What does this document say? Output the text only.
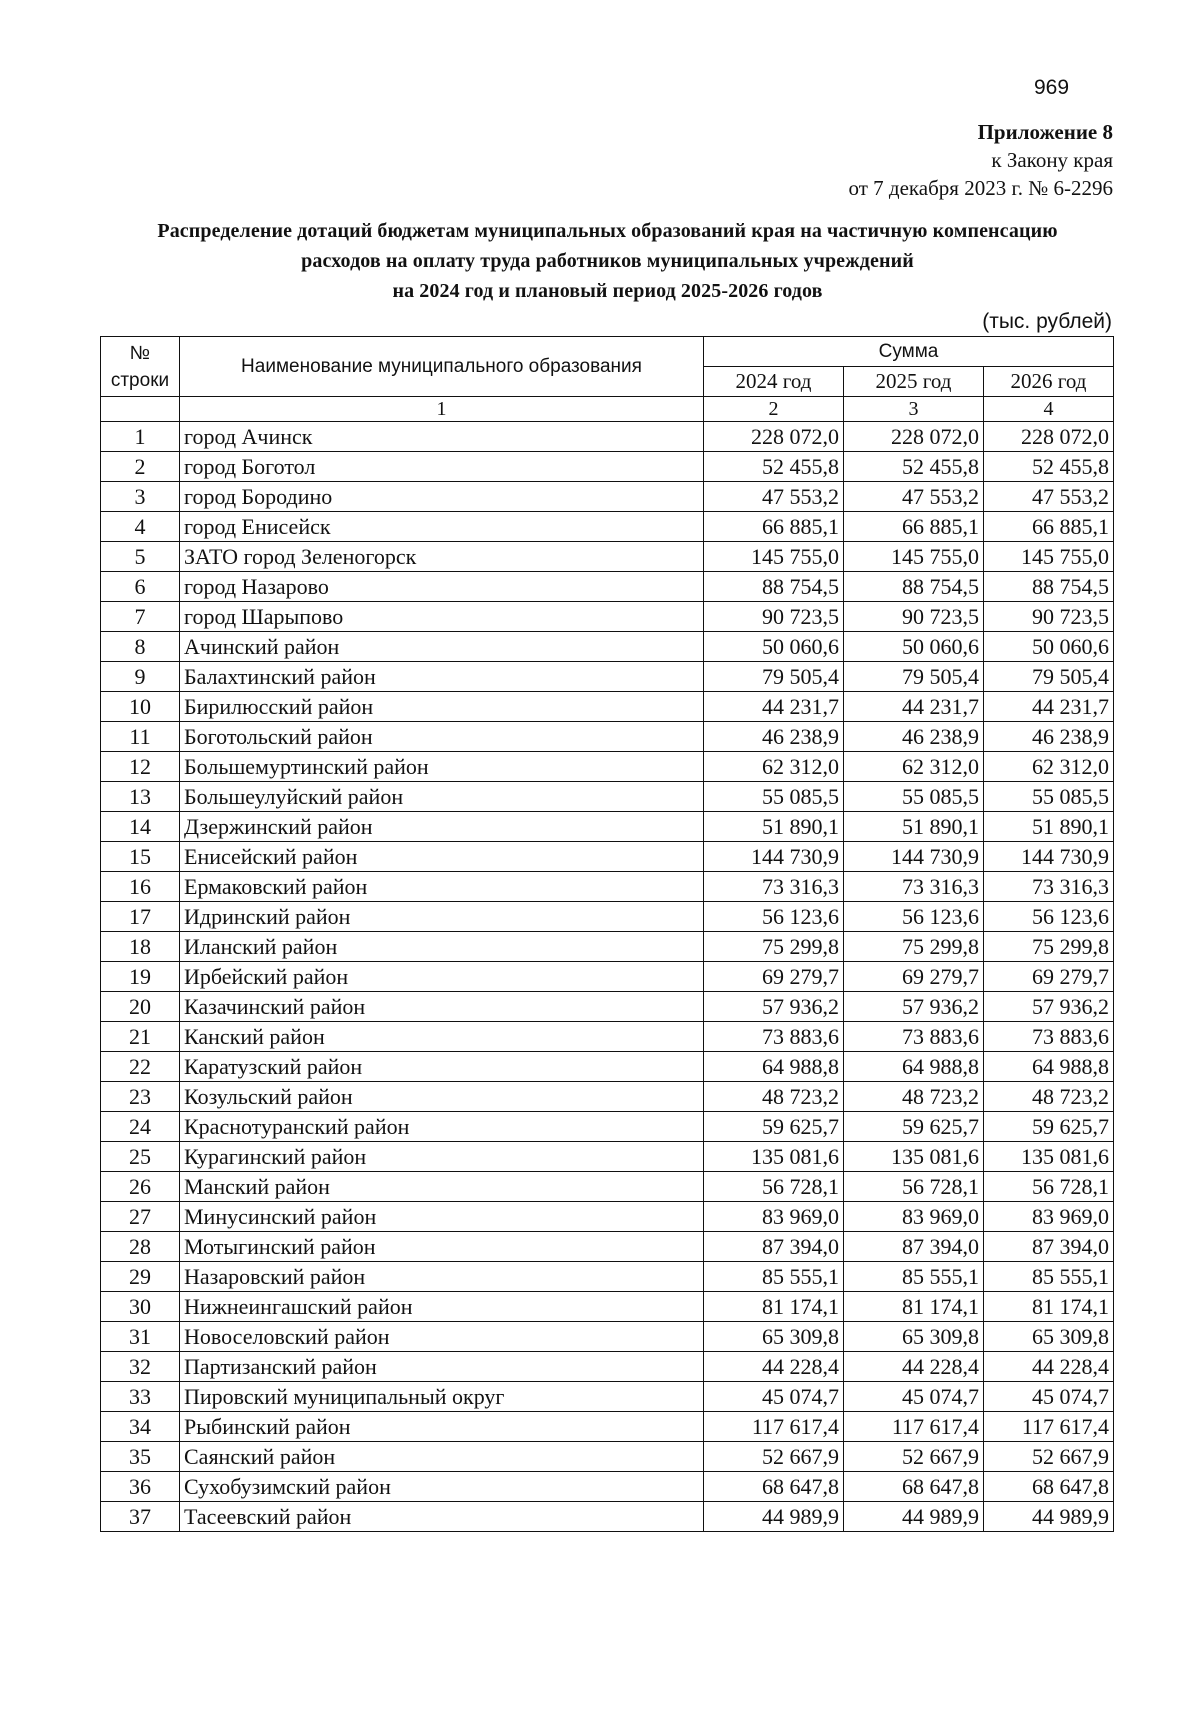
969
Приложение 8
к Закону края
от 7 декабря 2023 г. № 6-2296
Распределение дотаций бюджетам муниципальных образований края на частичную компенсацию
расходов на оплату труда работников муниципальных учреждений
на 2024 год и плановый период 2025-2026 годов
(тыс. рублей)
№
строки	Наименование муниципального образования	Сумма		
		2024 год	2025 год	2026 год
	1	2	3	4
1	город Ачинск	228 072,0	228 072,0	228 072,0
2	город Боготол	52 455,8	52 455,8	52 455,8
3	город Бородино	47 553,2	47 553,2	47 553,2
4	город Енисейск	66 885,1	66 885,1	66 885,1
5	ЗАТО город Зеленогорск	145 755,0	145 755,0	145 755,0
6	город Назарово	88 754,5	88 754,5	88 754,5
7	город Шарыпово	90 723,5	90 723,5	90 723,5
8	Ачинский район	50 060,6	50 060,6	50 060,6
9	Балахтинский район	79 505,4	79 505,4	79 505,4
10	Бирилюсский район	44 231,7	44 231,7	44 231,7
11	Боготольский район	46 238,9	46 238,9	46 238,9
12	Большемуртинский район	62 312,0	62 312,0	62 312,0
13	Большеулуйский район	55 085,5	55 085,5	55 085,5
14	Дзержинский район	51 890,1	51 890,1	51 890,1
15	Енисейский район	144 730,9	144 730,9	144 730,9
16	Ермаковский район	73 316,3	73 316,3	73 316,3
17	Идринский район	56 123,6	56 123,6	56 123,6
18	Иланский район	75 299,8	75 299,8	75 299,8
19	Ирбейский район	69 279,7	69 279,7	69 279,7
20	Казачинский район	57 936,2	57 936,2	57 936,2
21	Канский район	73 883,6	73 883,6	73 883,6
22	Каратузский район	64 988,8	64 988,8	64 988,8
23	Козульский район	48 723,2	48 723,2	48 723,2
24	Краснотуранский район	59 625,7	59 625,7	59 625,7
25	Курагинский район	135 081,6	135 081,6	135 081,6
26	Манский район	56 728,1	56 728,1	56 728,1
27	Минусинский район	83 969,0	83 969,0	83 969,0
28	Мотыгинский район	87 394,0	87 394,0	87 394,0
29	Назаровский район	85 555,1	85 555,1	85 555,1
30	Нижнеингашский район	81 174,1	81 174,1	81 174,1
31	Новоселовский район	65 309,8	65 309,8	65 309,8
32	Партизанский район	44 228,4	44 228,4	44 228,4
33	Пировский муниципальный округ	45 074,7	45 074,7	45 074,7
34	Рыбинский район	117 617,4	117 617,4	117 617,4
35	Саянский район	52 667,9	52 667,9	52 667,9
36	Сухобузимский район	68 647,8	68 647,8	68 647,8
37	Тасеевский район	44 989,9	44 989,9	44 989,9
